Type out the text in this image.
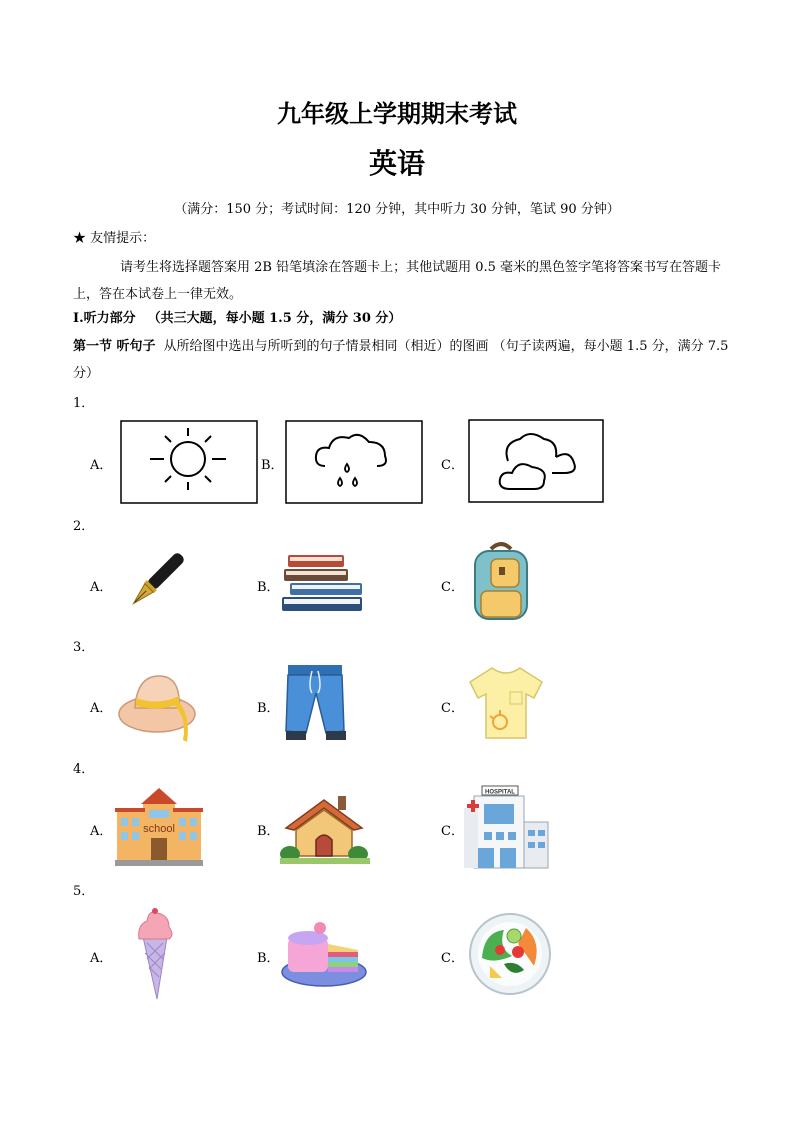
九年级上学期期末考试
英语
（满分：150 分；考试时间：120 分钟，其中听力 30 分钟，笔试 90 分钟）
★ 友情提示：
请考生将选择题答案用 2B 铅笔填涂在答题卡上；其他试题用 0.5 毫米的黑色签字笔将答案书写在答题卡上，答在本试卷上一律无效。
I.听力部分 （共三大题，每小题 1.5 分，满分 30 分）
第一节 听句子 从所给图中选出与所听到的句子情景相同（相近）的图画 （句子读两遍，每小题 1.5 分，满分 7.5 分）
1．
A．	B．	C．
2．
A．	B．	C．
3．
A．	B．	C．
4．
A．	school	B．	C．
HOSPITAL
5．
A．	B．	C．
